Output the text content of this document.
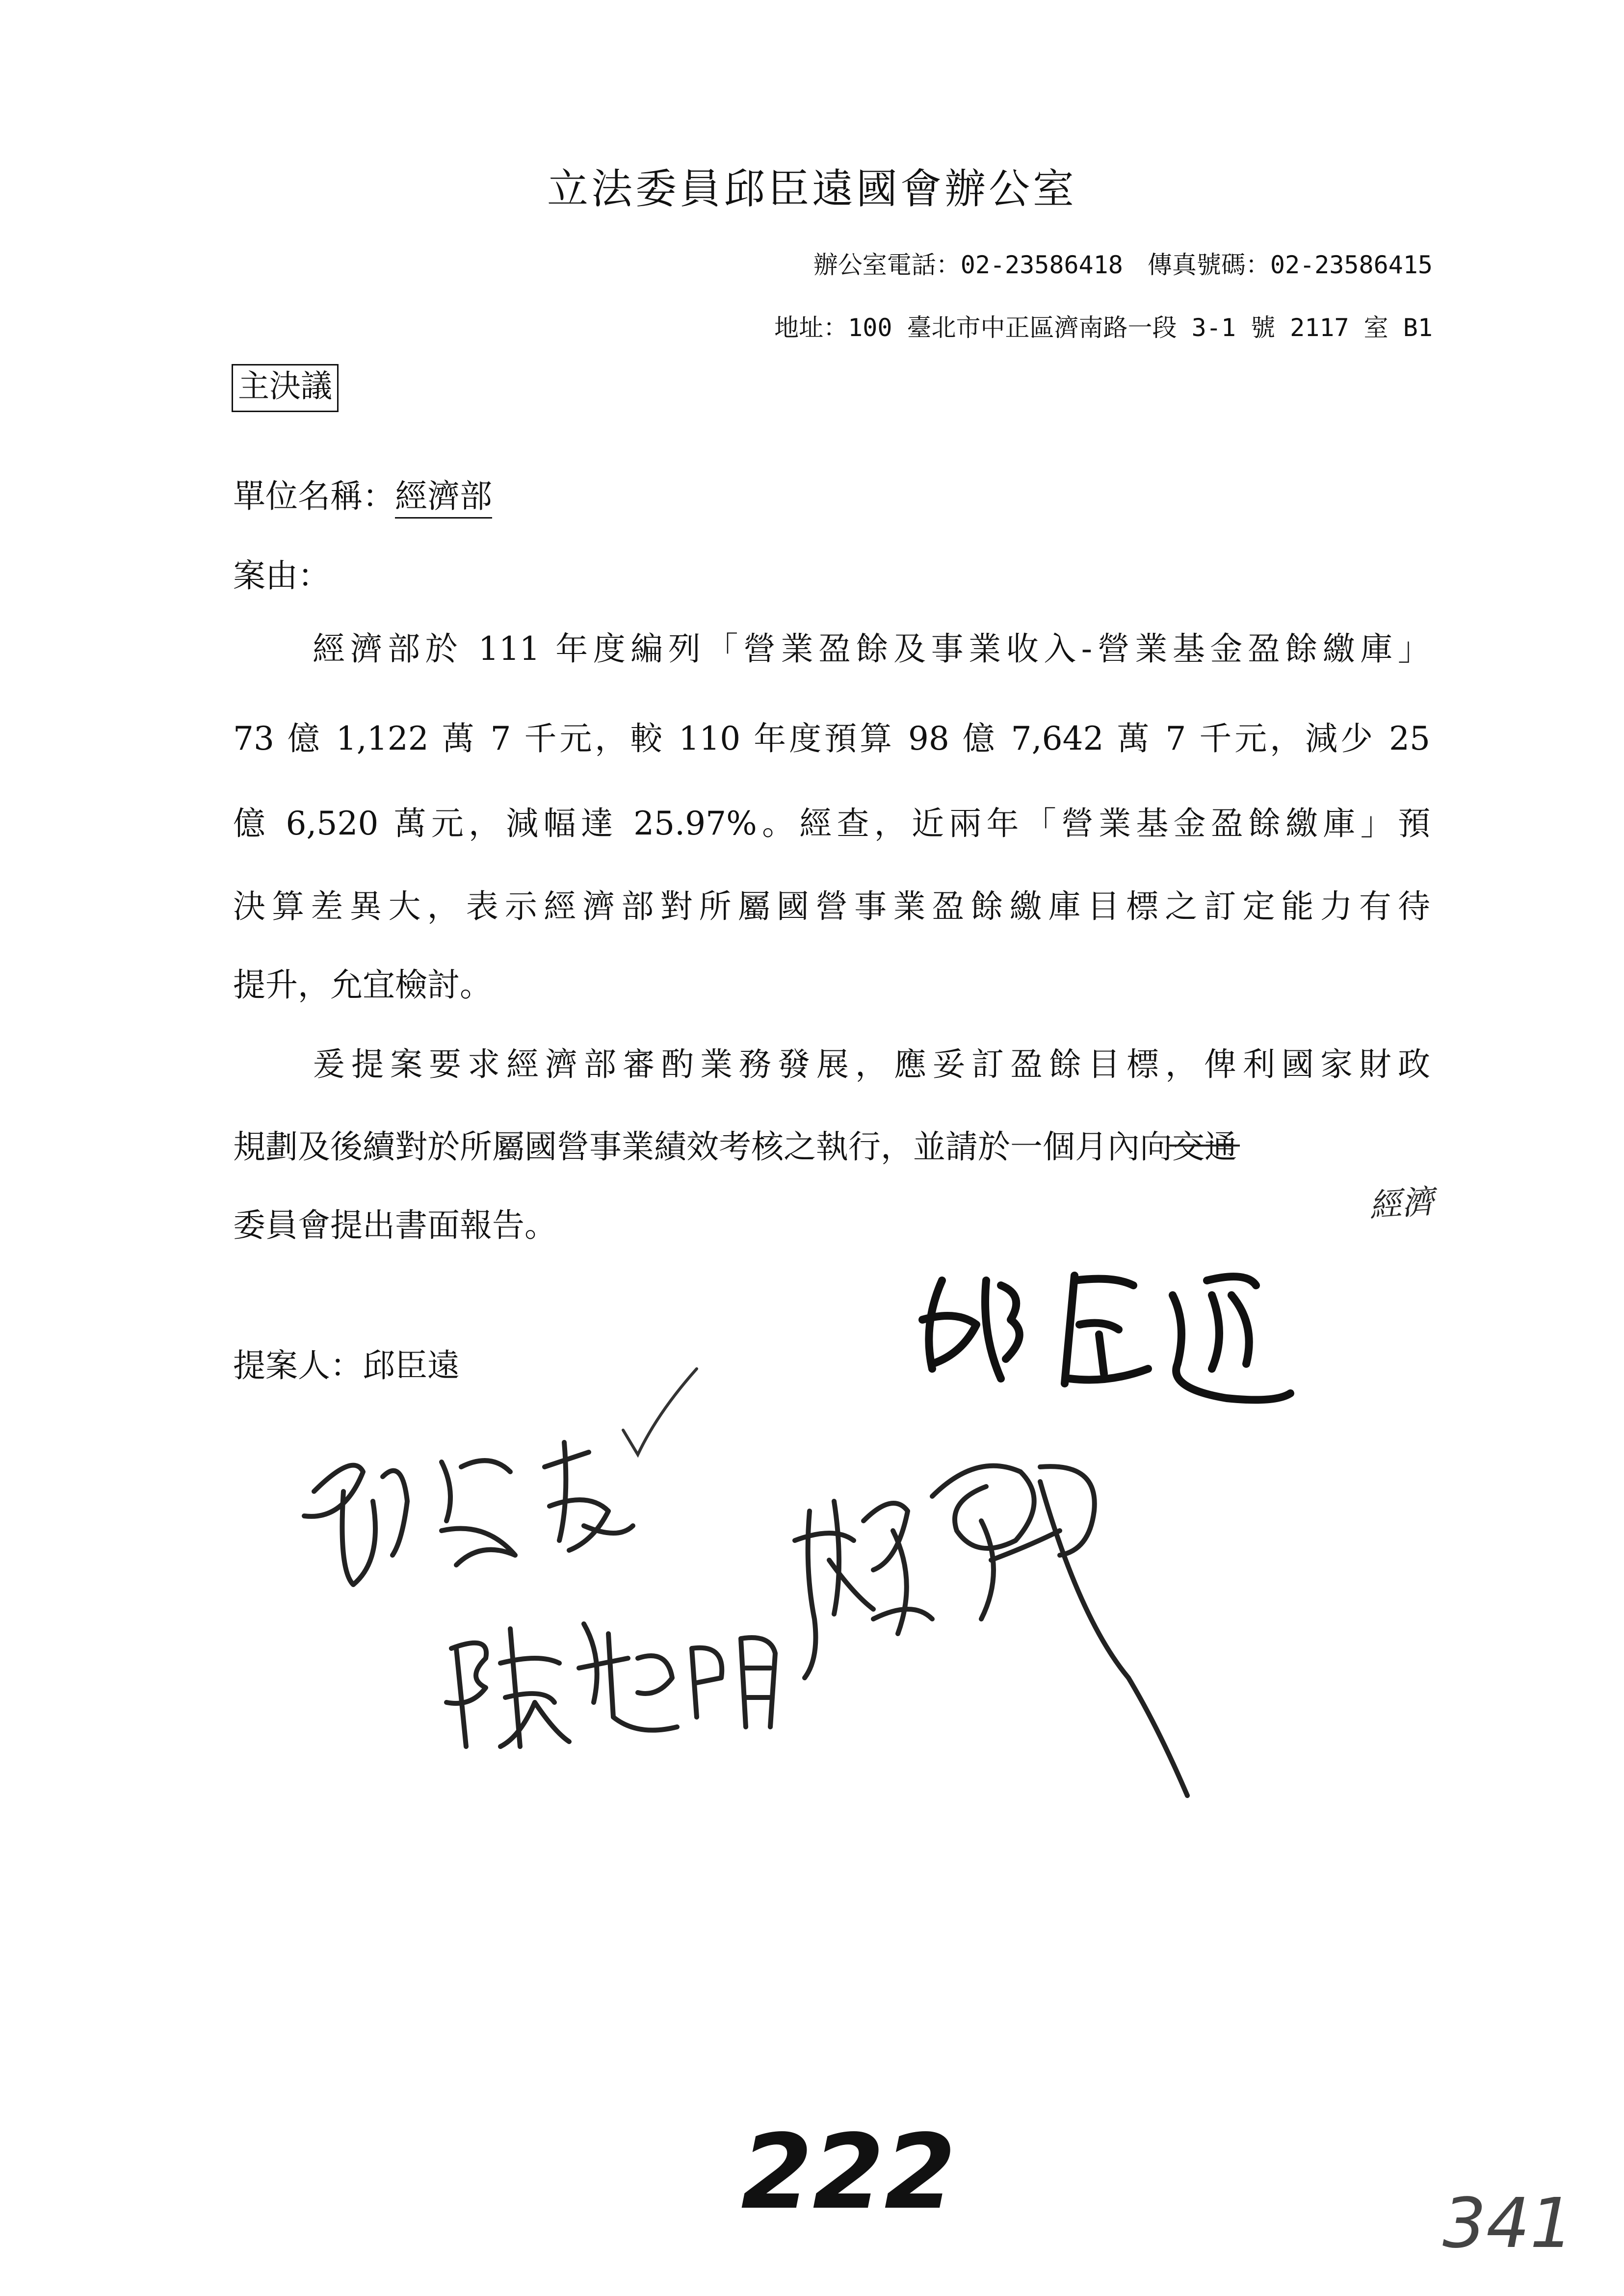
立法委員邱臣遠國會辦公室
辦公室電話：02-23586418　傳真號碼：02-23586415
地址：100 臺北市中正區濟南路一段 3-1 號 2117 室 B1
主決議
單位名稱：經濟部
案由：
經濟部於 111 年度編列「營業盈餘及事業收入-營業基金盈餘繳庫」
73 億 1,122 萬 7 千元，較 110 年度預算 98 億 7,642 萬 7 千元，減少 25
億 6,520 萬元，減幅達 25.97%。經查，近兩年「營業基金盈餘繳庫」預
決算差異大，表示經濟部對所屬國營事業盈餘繳庫目標之訂定能力有待
提升，允宜檢討。
爰提案要求經濟部審酌業務發展，應妥訂盈餘目標，俾利國家財政
規劃及後續對於所屬國營事業績效考核之執行，並請於一個月內向交通
經濟
委員會提出書面報告。
提案人：邱臣遠
222	341
